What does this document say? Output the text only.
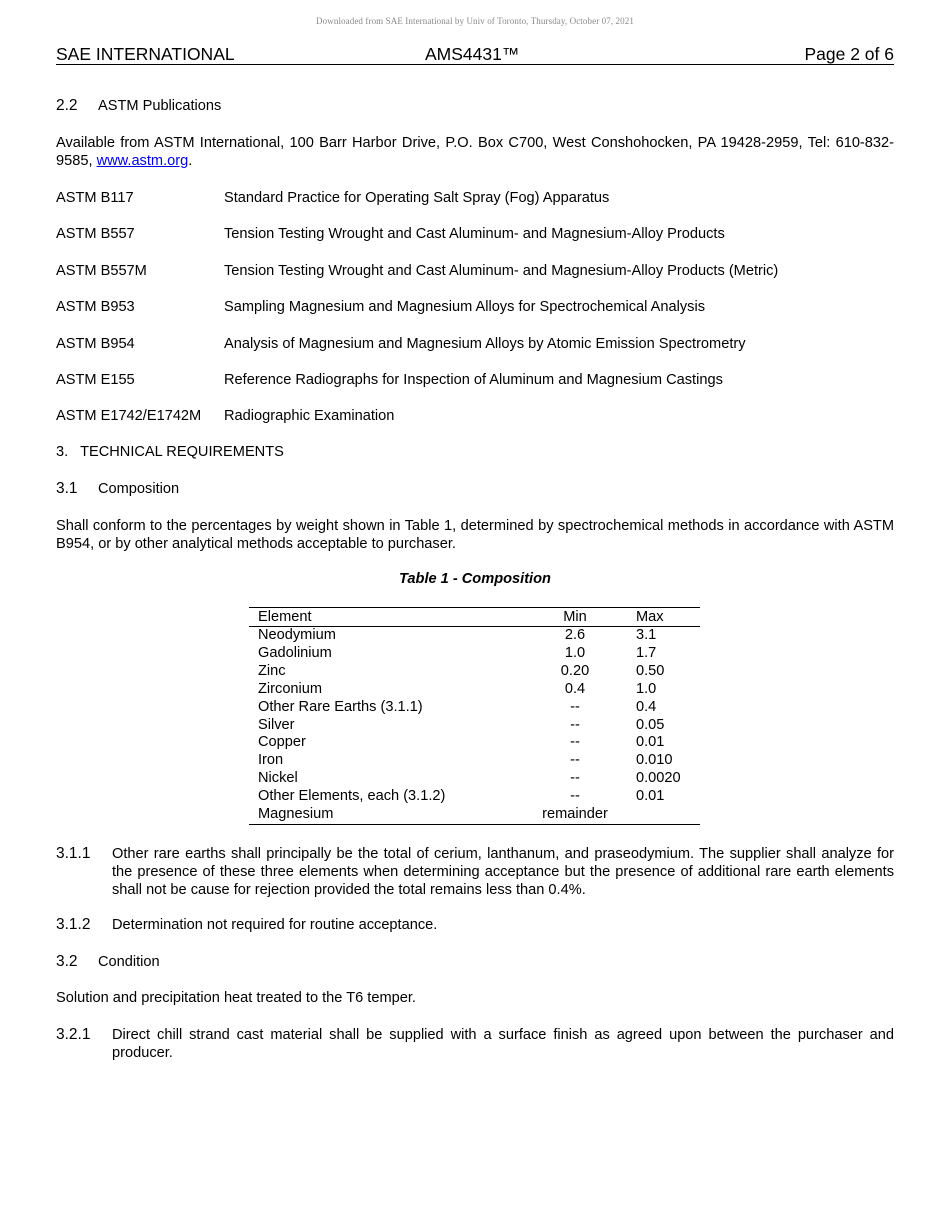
Downloaded from SAE International by Univ of Toronto, Thursday, October 07, 2021
SAE INTERNATIONAL	AMS4431™	Page 2 of 6
2.2 ASTM Publications
Available from ASTM International, 100 Barr Harbor Drive, P.O. Box C700, West Conshohocken, PA 19428-2959, Tel: 610-832-9585, www.astm.org.
ASTM B117	Standard Practice for Operating Salt Spray (Fog) Apparatus
ASTM B557	Tension Testing Wrought and Cast Aluminum- and Magnesium-Alloy Products
ASTM B557M	Tension Testing Wrought and Cast Aluminum- and Magnesium-Alloy Products (Metric)
ASTM B953	Sampling Magnesium and Magnesium Alloys for Spectrochemical Analysis
ASTM B954	Analysis of Magnesium and Magnesium Alloys by Atomic Emission Spectrometry
ASTM E155	Reference Radiographs for Inspection of Aluminum and Magnesium Castings
ASTM E1742/E1742M Radiographic Examination
3.   TECHNICAL REQUIREMENTS
3.1 Composition
Shall conform to the percentages by weight shown in Table 1, determined by spectrochemical methods in accordance with ASTM B954, or by other analytical methods acceptable to purchaser.
Table 1 - Composition
Element	Min	Max
Neodymium	2.6	3.1
Gadolinium	1.0	1.7
Zinc	0.20	0.50
Zirconium	0.4	1.0
Other Rare Earths (3.1.1)	--	0.4
Silver	--	0.05
Copper	--	0.01
Iron	--	0.010
Nickel	--	0.0020
Other Elements, each (3.1.2)	--	0.01
Magnesium	remainder	
3.1.1 Other rare earths shall principally be the total of cerium, lanthanum, and praseodymium. The supplier shall analyze for the presence of these three elements when determining acceptance but the presence of additional rare earth elements shall not be cause for rejection provided the total remains less than 0.4%.
3.1.2 Determination not required for routine acceptance.
3.2 Condition
Solution and precipitation heat treated to the T6 temper.
3.2.1 Direct chill strand cast material shall be supplied with a surface finish as agreed upon between the purchaser and producer.
